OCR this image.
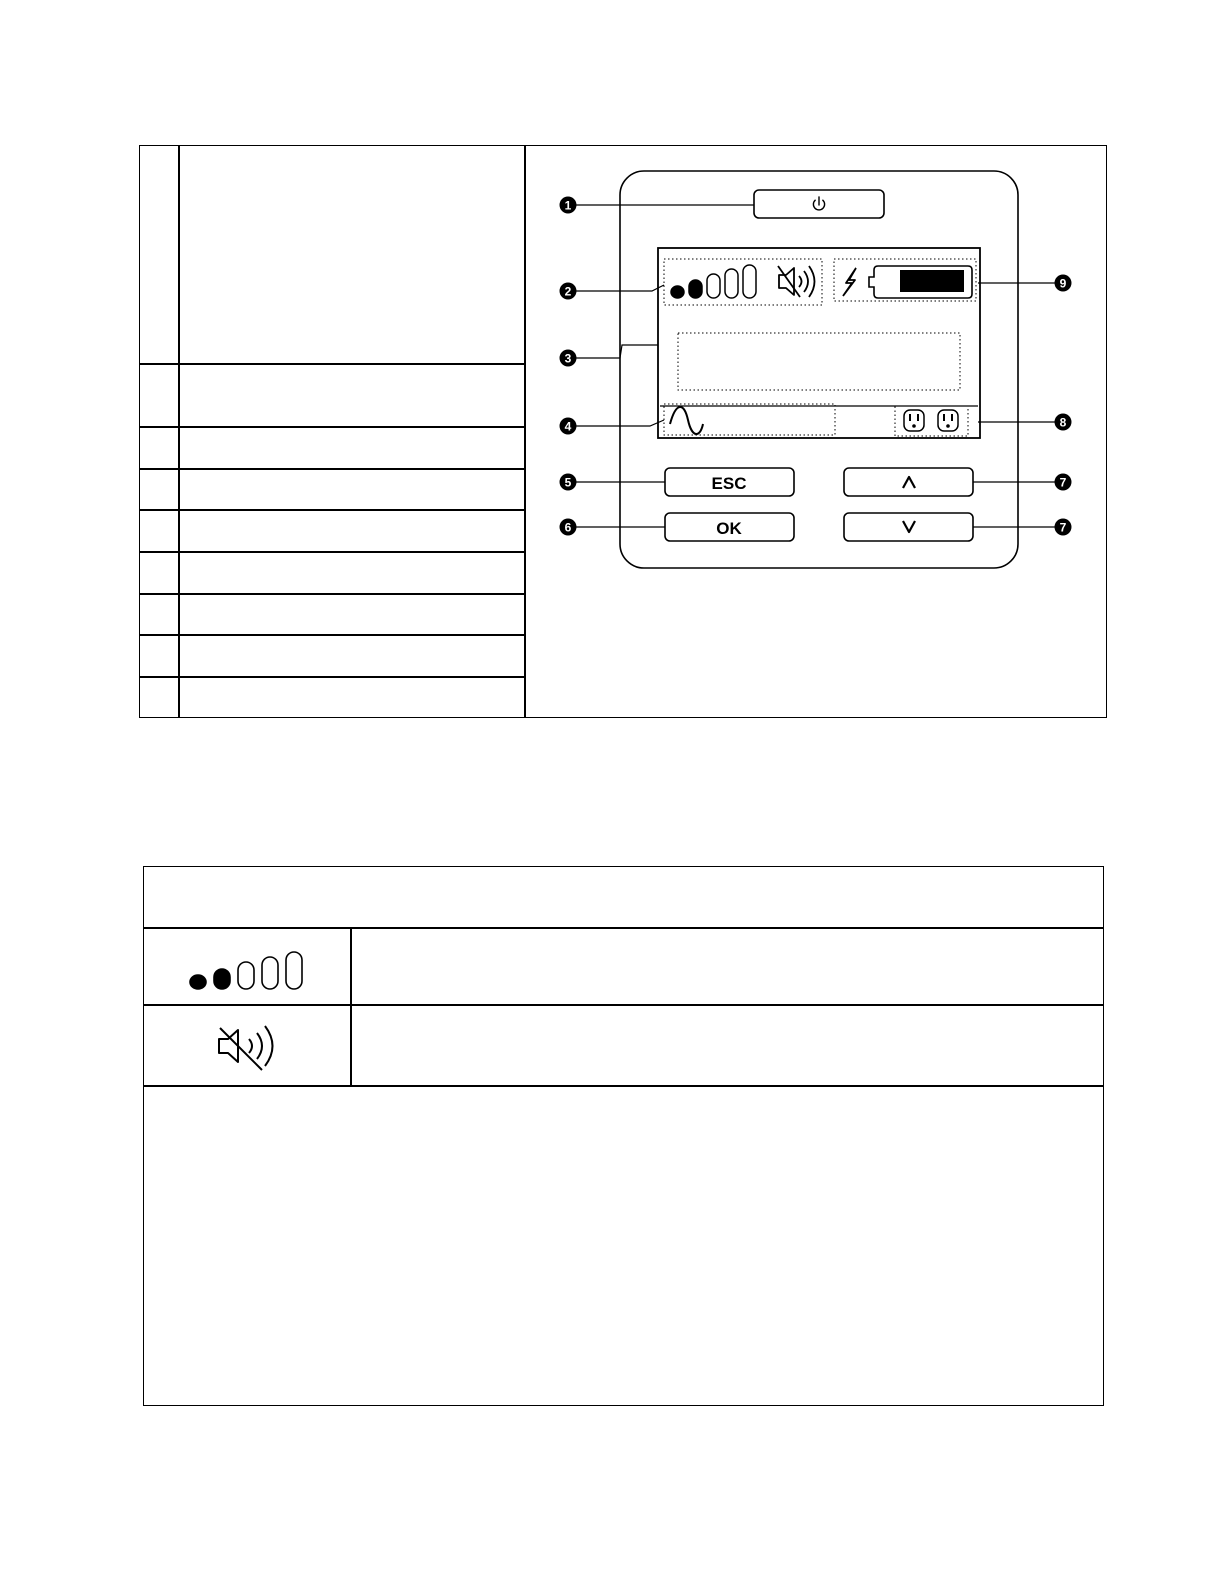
ESC
OK
1
2
3
4
5
6
7
7
8
9
